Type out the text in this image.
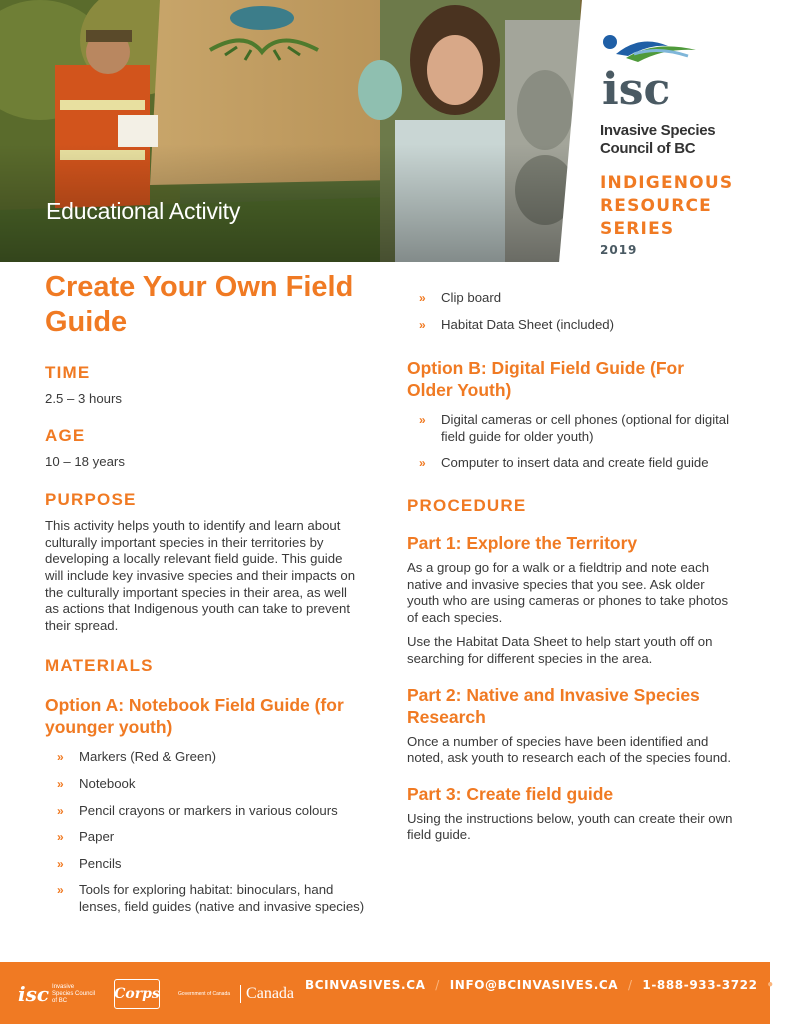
Educational Activity
isc
Invasive Species
Council of BC
INDIGENOUS
RESOURCE
SERIES
2019
Create Your Own Field Guide
TIME
2.5 – 3 hours
AGE
10 – 18 years
PURPOSE
This activity helps youth to identify and learn about culturally important species in their territories by developing a locally relevant field guide. This guide will include key invasive species and their impacts on the culturally important species in their area, as well as actions that Indigenous youth can take to prevent their spread.
MATERIALS
Option A: Notebook Field Guide (for younger youth)
» Markers (Red & Green)
» Notebook
» Pencil crayons or markers in various colours
» Paper
» Pencils
» Tools for exploring habitat: binoculars, hand lenses, field guides (native and invasive species)
» Clip board
» Habitat Data Sheet (included)
Option B: Digital Field Guide (For Older Youth)
» Digital cameras or cell phones (optional for digital field guide for older youth)
» Computer to insert data and create field guide
PROCEDURE
Part 1: Explore the Territory
As a group go for a walk or a fieldtrip and note each native and invasive species that you see. Ask older youth who are using cameras or phones to take photos of each species.
Use the Habitat Data Sheet to help start youth off on searching for different species in the area.
Part 2: Native and Invasive Species Research
Once a number of species have been identified and noted, ask youth to research each of the species found.
Part 3: Create field guide
Using the instructions below, youth can create their own field guide.
isc Invasive Species Council of BC	Corps	Government of Canada	Canada BCINVASIVES.CA / INFO@BCINVASIVES.CA / 1-888-933-3722 • 1
